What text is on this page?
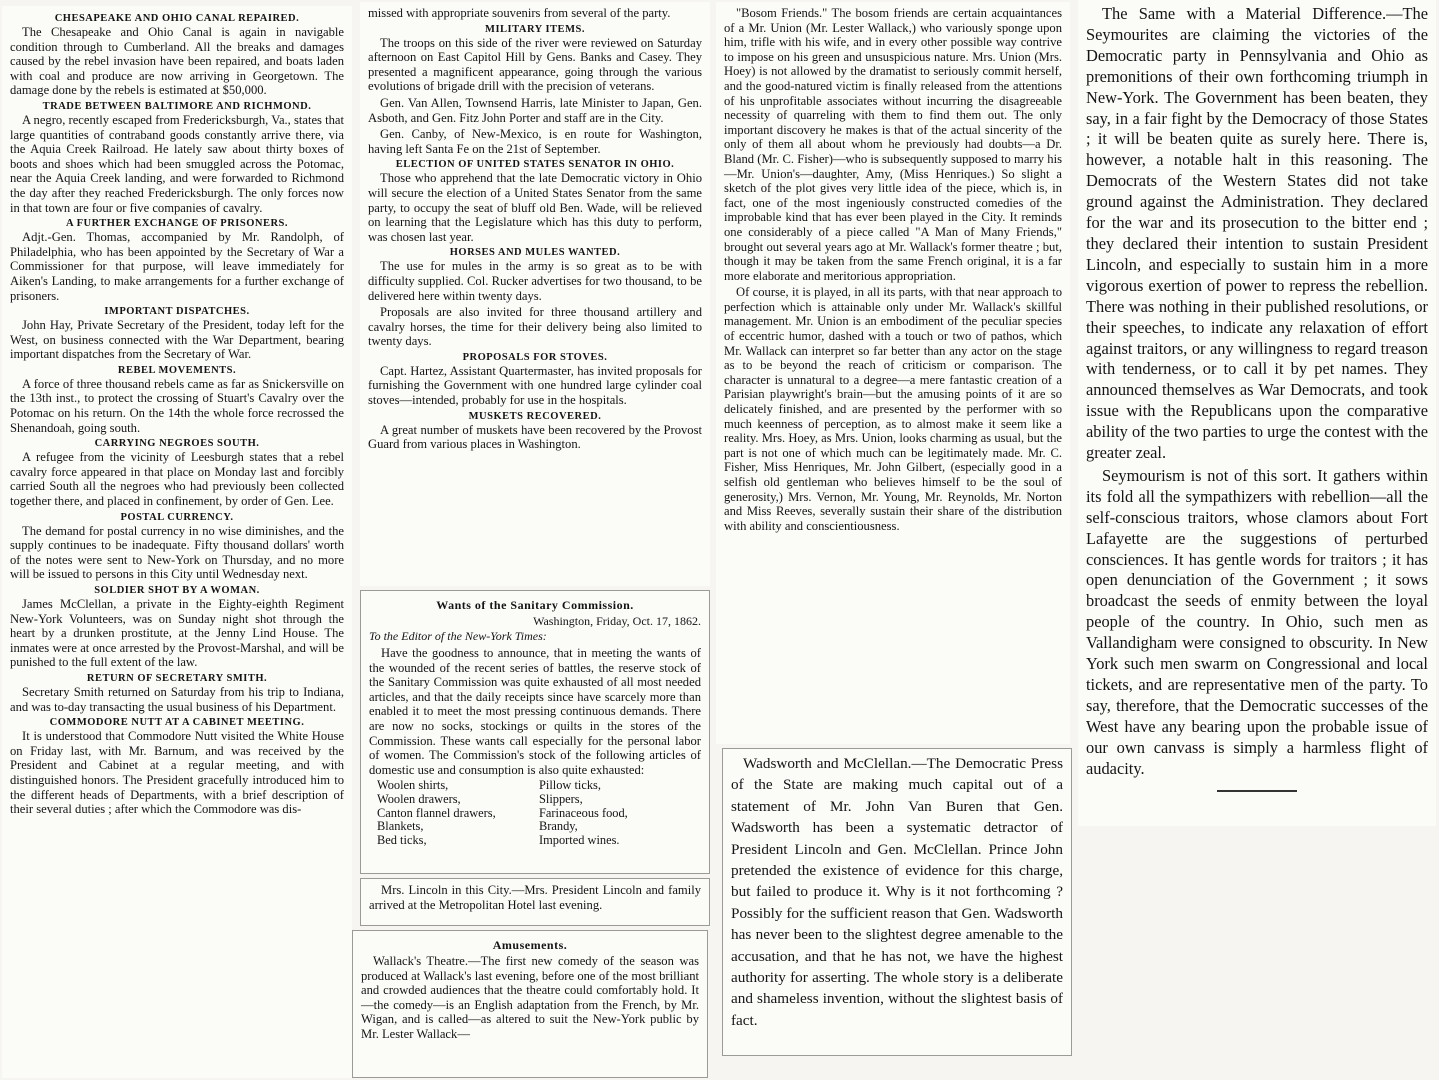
CHESAPEAKE AND OHIO CANAL REPAIRED.

The Chesapeake and Ohio Canal is again in navigable condition through to Cumberland. All the breaks and damages caused by the rebel invasion have been repaired, and boats laden with coal and produce are now arriving in Georgetown. The damage done by the rebels is estimated at $50,000.

TRADE BETWEEN BALTIMORE AND RICHMOND.

A negro, recently escaped from Fredericksburgh, Va., states that large quantities of contraband goods constantly arrive there, via the Aquia Creek Railroad. He lately saw about thirty boxes of boots and shoes which had been smuggled across the Potomac, near the Aquia Creek landing, and were forwarded to Richmond the day after they reached Fredericksburgh. The only forces now in that town are four or five companies of cavalry.

A FURTHER EXCHANGE OF PRISONERS.

Adjt.-Gen. Thomas, accompanied by Mr. Randolph, of Philadelphia, who has been appointed by the Secretary of War a Commissioner for that purpose, will leave immediately for Aiken's Landing, to make arrangements for a further exchange of prisoners.

IMPORTANT DISPATCHES.

John Hay, Private Secretary of the President, today left for the West, on business connected with the War Department, bearing important dispatches from the Secretary of War.

REBEL MOVEMENTS.

A force of three thousand rebels came as far as Snickersville on the 13th inst., to protect the crossing of Stuart's Cavalry over the Potomac on his return. On the 14th the whole force recrossed the Shenandoah, going south.

CARRYING NEGROES SOUTH.

A refugee from the vicinity of Leesburgh states that a rebel cavalry force appeared in that place on Monday last and forcibly carried South all the negroes who had previously been collected together there, and placed in confinement, by order of Gen. Lee.

POSTAL CURRENCY.

The demand for postal currency in no wise diminishes, and the supply continues to be inadequate. Fifty thousand dollars' worth of the notes were sent to New-York on Thursday, and no more will be issued to persons in this City until Wednesday next.

SOLDIER SHOT BY A WOMAN.

James McClellan, a private in the Eighty-eighth Regiment New-York Volunteers, was on Sunday night shot through the heart by a drunken prostitute, at the Jenny Lind House. The inmates were at once arrested by the Provost-Marshal, and will be punished to the full extent of the law.

RETURN OF SECRETARY SMITH.

Secretary Smith returned on Saturday from his trip to Indiana, and was to-day transacting the usual business of his Department.

COMMODORE NUTT AT A CABINET MEETING.

It is understood that Commodore Nutt visited the White House on Friday last, with Mr. Barnum, and was received by the President and Cabinet at a regular meeting, and with distinguished honors. The President gracefully introduced him to the different heads of Departments, with a brief description of their several duties ; after which the Commodore was dis-

missed with appropriate souvenirs from several of the party.

MILITARY ITEMS.

The troops on this side of the river were reviewed on Saturday afternoon on East Capitol Hill by Gens. Banks and Casey. They presented a magnificent appearance, going through the various evolutions of brigade drill with the precision of veterans.

Gen. Van Allen, Townsend Harris, late Minister to Japan, Gen. Asboth, and Gen. Fitz John Porter and staff are in the City.

Gen. Canby, of New-Mexico, is en route for Washington, having left Santa Fe on the 21st of September.

ELECTION OF UNITED STATES SENATOR IN OHIO.

Those who apprehend that the late Democratic victory in Ohio will secure the election of a United States Senator from the same party, to occupy the seat of bluff old Ben. Wade, will be relieved on learning that the Legislature which has this duty to perform, was chosen last year.

HORSES AND MULES WANTED.

The use for mules in the army is so great as to be with difficulty supplied. Col. Rucker advertises for two thousand, to be delivered here within twenty days.

Proposals are also invited for three thousand artillery and cavalry horses, the time for their delivery being also limited to twenty days.

PROPOSALS FOR STOVES.

Capt. Hartez, Assistant Quartermaster, has invited proposals for furnishing the Government with one hundred large cylinder coal stoves—intended, probably for use in the hospitals.

MUSKETS RECOVERED.

A great number of muskets have been recovered by the Provost Guard from various places in Washington.

Wants of the Sanitary Commission.
Washington, Friday, Oct. 17, 1862.
To the Editor of the New-York Times:

Have the goodness to announce, that in meeting the wants of the wounded of the recent series of battles, the reserve stock of the Sanitary Commission was quite exhausted of all most needed articles, and that the daily receipts since have scarcely more than enabled it to meet the most pressing continuous demands. There are now no socks, stockings or quilts in the stores of the Commission. These wants call especially for the personal labor of women. The Commission's stock of the following articles of domestic use and consumption is also quite exhausted:

Woolen shirts,	Pillow ticks,
Woolen drawers,	Slippers,
Canton flannel drawers,	Farinaceous food,
Blankets,	Brandy,
Bed ticks,	Imported wines.

Mrs. Lincoln in this City.—Mrs. President Lincoln and family arrived at the Metropolitan Hotel last evening.

Amusements.

Wallack's Theatre.—The first new comedy of the season was produced at Wallack's last evening, before one of the most brilliant and crowded audiences that the theatre could comfortably hold. It—the comedy—is an English adaptation from the French, by Mr. Wigan, and is called—as altered to suit the New-York public by Mr. Lester Wallack—

"Bosom Friends." The bosom friends are certain acquaintances of a Mr. Union (Mr. Lester Wallack,) who variously sponge upon him, trifle with his wife, and in every other possible way contrive to impose on his green and unsuspicious nature. Mrs. Union (Mrs. Hoey) is not allowed by the dramatist to seriously commit herself, and the good-natured victim is finally released from the attentions of his unprofitable associates without incurring the disagreeable necessity of quarreling with them to find them out. The only important discovery he makes is that of the actual sincerity of the only of them all about whom he previously had doubts—a Dr. Bland (Mr. C. Fisher)—who is subsequently supposed to marry his—Mr. Union's—daughter, Amy, (Miss Henriques.) So slight a sketch of the plot gives very little idea of the piece, which is, in fact, one of the most ingeniously constructed comedies of the improbable kind that has ever been played in the City. It reminds one considerably of a piece called "A Man of Many Friends," brought out several years ago at Mr. Wallack's former theatre ; but, though it may be taken from the same French original, it is a far more elaborate and meritorious appropriation.

Of course, it is played, in all its parts, with that near approach to perfection which is attainable only under Mr. Wallack's skillful management. Mr. Union is an embodiment of the peculiar species of eccentric humor, dashed with a touch or two of pathos, which Mr. Wallack can interpret so far better than any actor on the stage as to be beyond the reach of criticism or comparison. The character is unnatural to a degree—a mere fantastic creation of a Parisian playwright's brain—but the amusing points of it are so delicately finished, and are presented by the performer with so much keenness of perception, as to almost make it seem like a reality. Mrs. Hoey, as Mrs. Union, looks charming as usual, but the part is not one of which much can be legitimately made. Mr. C. Fisher, Miss Henriques, Mr. John Gilbert, (especially good in a selfish old gentleman who believes himself to be the soul of generosity,) Mrs. Vernon, Mr. Young, Mr. Reynolds, Mr. Norton and Miss Reeves, severally sustain their share of the distribution with ability and conscientiousness.

Wadsworth and McClellan.—The Democratic Press of the State are making much capital out of a statement of Mr. John Van Buren that Gen. Wadsworth has been a systematic detractor of President Lincoln and Gen. McClellan. Prince John pretended the existence of evidence for this charge, but failed to produce it. Why is it not forthcoming ? Possibly for the sufficient reason that Gen. Wadsworth has never been to the slightest degree amenable to the accusation, and that he has not, we have the highest authority for asserting. The whole story is a deliberate and shameless invention, without the slightest basis of fact.

The Same with a Material Difference.—The Seymourites are claiming the victories of the Democratic party in Pennsylvania and Ohio as premonitions of their own forthcoming triumph in New-York. The Government has been beaten, they say, in a fair fight by the Democracy of those States ; it will be beaten quite as surely here. There is, however, a notable halt in this reasoning. The Democrats of the Western States did not take ground against the Administration. They declared for the war and its prosecution to the bitter end ; they declared their intention to sustain President Lincoln, and especially to sustain him in a more vigorous exertion of power to repress the rebellion. There was nothing in their published resolutions, or their speeches, to indicate any relaxation of effort against traitors, or any willingness to regard treason with tenderness, or to call it by pet names. They announced themselves as War Democrats, and took issue with the Republicans upon the comparative ability of the two parties to urge the contest with the greater zeal.

Seymourism is not of this sort. It gathers within its fold all the sympathizers with rebellion—all the self-conscious traitors, whose clamors about Fort Lafayette are the suggestions of perturbed consciences. It has gentle words for traitors ; it has open denunciation of the Government ; it sows broadcast the seeds of enmity between the loyal people of the country. In Ohio, such men as Vallandigham were consigned to obscurity. In New York such men swarm on Congressional and local tickets, and are representative men of the party. To say, therefore, that the Democratic successes of the West have any bearing upon the probable issue of our own canvass is simply a harmless flight of audacity.
